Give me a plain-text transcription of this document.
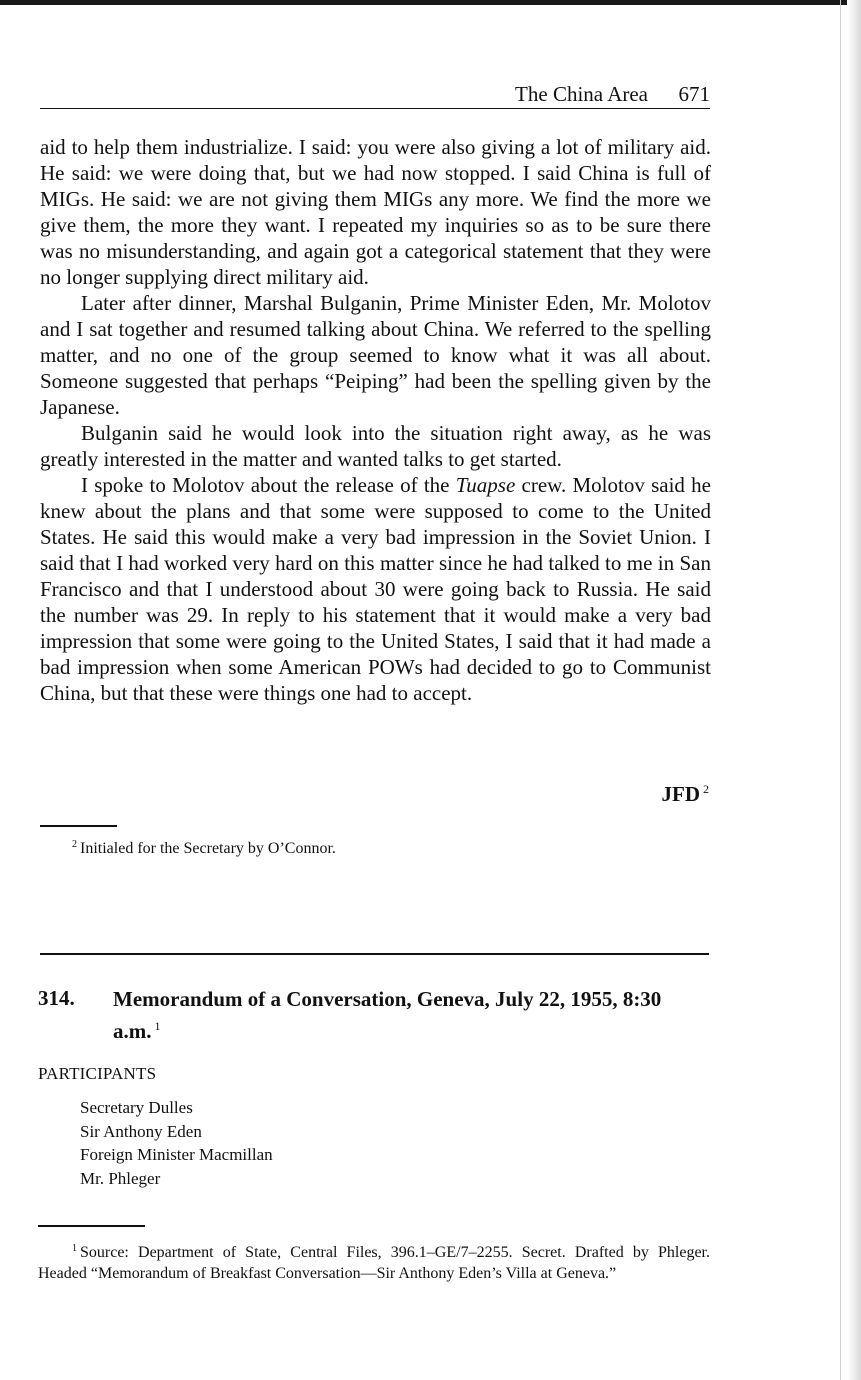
The China Area 671

aid to help them industrialize. I said: you were also giving a lot of military aid. He said: we were doing that, but we had now stopped. I said China is full of MIGs. He said: we are not giving them MIGs any more. We find the more we give them, the more they want. I repeated my inquiries so as to be sure there was no misunderstanding, and again got a categorical statement that they were no longer supplying direct military aid.

Later after dinner, Marshal Bulganin, Prime Minister Eden, Mr. Molotov and I sat together and resumed talking about China. We referred to the spelling matter, and no one of the group seemed to know what it was all about. Someone suggested that perhaps “Peiping” had been the spelling given by the Japanese.

Bulganin said he would look into the situation right away, as he was greatly interested in the matter and wanted talks to get started.

I spoke to Molotov about the release of the Tuapse crew. Molotov said he knew about the plans and that some were supposed to come to the United States. He said this would make a very bad impression in the Soviet Union. I said that I had worked very hard on this matter since he had talked to me in San Francisco and that I understood about 30 were going back to Russia. He said the number was 29. In reply to his statement that it would make a very bad impression that some were going to the United States, I said that it had made a bad impression when some American POWs had decided to go to Communist China, but that these were things one had to accept.

JFD $^2$
$^2$ Initialed for the Secretary by O’Connor.
314. Memorandum of a Conversation, Geneva, July 22, 1955, 8:30 a.m. $^1$
PARTICIPANTS
Secretary Dulles
Sir Anthony Eden
Foreign Minister Macmillan
Mr. Phleger
$^1$ Source: Department of State, Central Files, 396.1–GE/7–2255. Secret. Drafted by Phleger. Headed “Memorandum of Breakfast Conversation—Sir Anthony Eden’s Villa at Geneva.”
